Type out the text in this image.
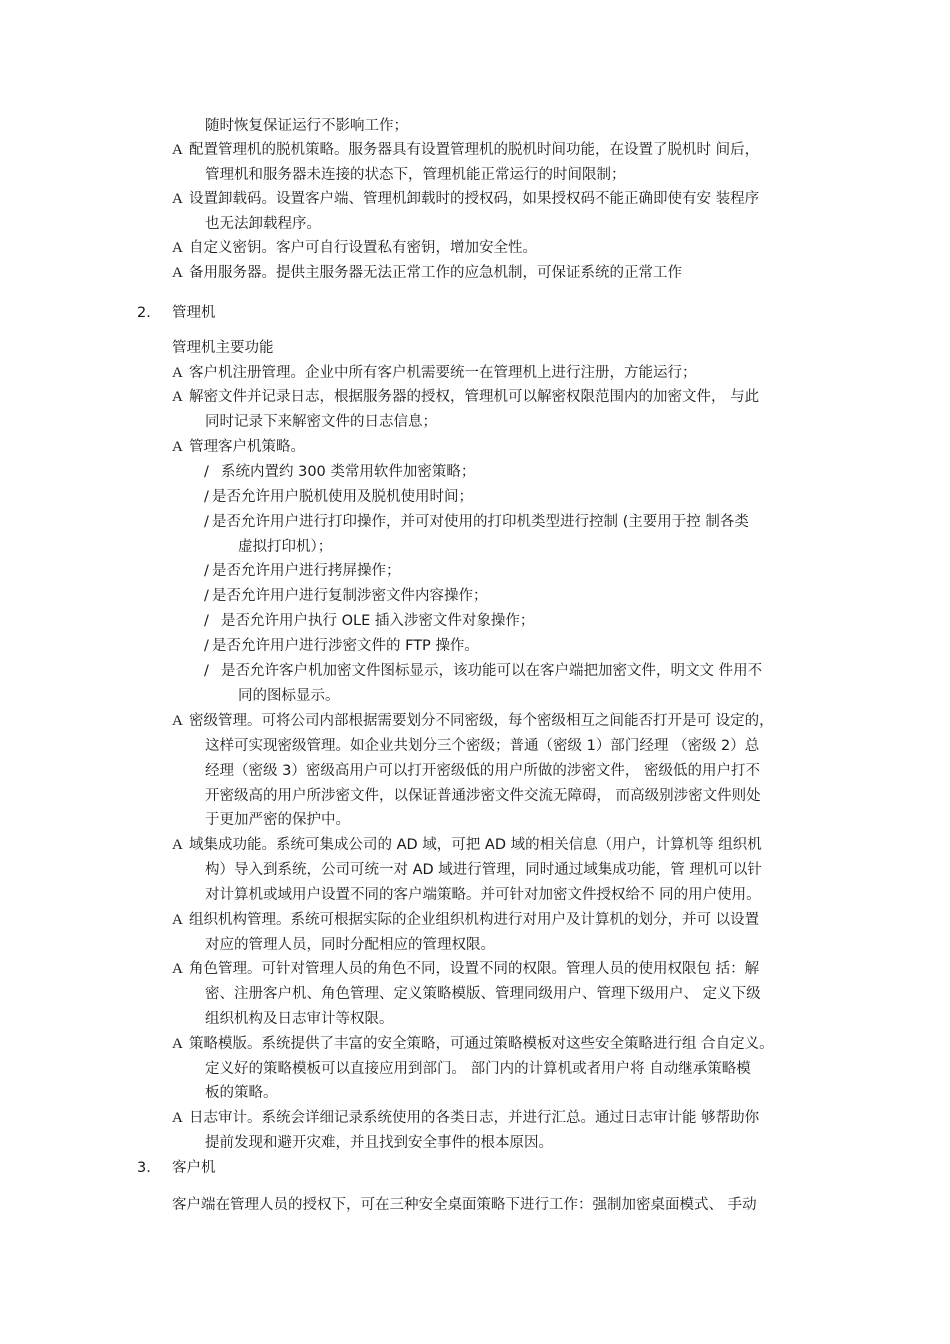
随时恢复保证运行不影响工作；
A 配置管理机的脱机策略。服务器具有设置管理机的脱机时间功能，在设置了脱机时 间后，
管理机和服务器未连接的状态下，管理机能正常运行的时间限制；
A 设置卸载码。设置客户端、管理机卸载时的授权码，如果授权码不能正确即使有安 装程序
也无法卸载程序。
A 自定义密钥。客户可自行设置私有密钥，增加安全性。
A 备用服务器。提供主服务器无法正常工作的应急机制，可保证系统的正常工作
2. 管理机
管理机主要功能
A 客户机注册管理。企业中所有客户机需要统一在管理机上进行注册，方能运行；
A 解密文件并记录日志，根据服务器的授权，管理机可以解密权限范围内的加密文件， 与此
同时记录下来解密文件的日志信息；
A 管理客户机策略。
/ 系统内置约 300 类常用软件加密策略；
/ 是否允许用户脱机使用及脱机使用时间；
/ 是否允许用户进行打印操作，并可对使用的打印机类型进行控制 (主要用于控 制各类
虚拟打印机）；
/ 是否允许用户进行拷屏操作；
/ 是否允许用户进行复制涉密文件内容操作；
/ 是否允许用户执行 OLE 插入涉密文件对象操作；
/ 是否允许用户进行涉密文件的 FTP 操作。
/ 是否允许客户机加密文件图标显示，该功能可以在客户端把加密文件，明文文 件用不
同的图标显示。
A 密级管理。可将公司内部根据需要划分不同密级，每个密级相互之间能否打开是可 设定的，
这样可实现密级管理。如企业共划分三个密级；普通（密级 1）部门经理 （密级 2）总
经理（密级 3）密级高用户可以打开密级低的用户所做的涉密文件， 密级低的用户打不
开密级高的用户所涉密文件，以保证普通涉密文件交流无障碍， 而高级别涉密文件则处
于更加严密的保护中。
A 域集成功能。系统可集成公司的 AD 域，可把 AD 域的相关信息（用户，计算机等 组织机
构）导入到系统，公司可统一对 AD 域进行管理，同时通过域集成功能，管 理机可以针
对计算机或域用户设置不同的客户端策略。并可针对加密文件授权给不 同的用户使用。
A 组织机构管理。系统可根据实际的企业组织机构进行对用户及计算机的划分，并可 以设置
对应的管理人员，同时分配相应的管理权限。
A 角色管理。可针对管理人员的角色不同，设置不同的权限。管理人员的使用权限包 括：解
密、注册客户机、角色管理、定义策略模版、管理同级用户、管理下级用户、 定义下级
组织机构及日志审计等权限。
A 策略模版。系统提供了丰富的安全策略，可通过策略模板对这些安全策略进行组 合自定义。
定义好的策略模板可以直接应用到部门。 部门内的计算机或者用户将 自动继承策略模
板的策略。
A 日志审计。系统会详细记录系统使用的各类日志，并进行汇总。通过日志审计能 够帮助你
提前发现和避开灾难，并且找到安全事件的根本原因。
3. 客户机
客户端在管理人员的授权下，可在三种安全桌面策略下进行工作：强制加密桌面模式、 手动
